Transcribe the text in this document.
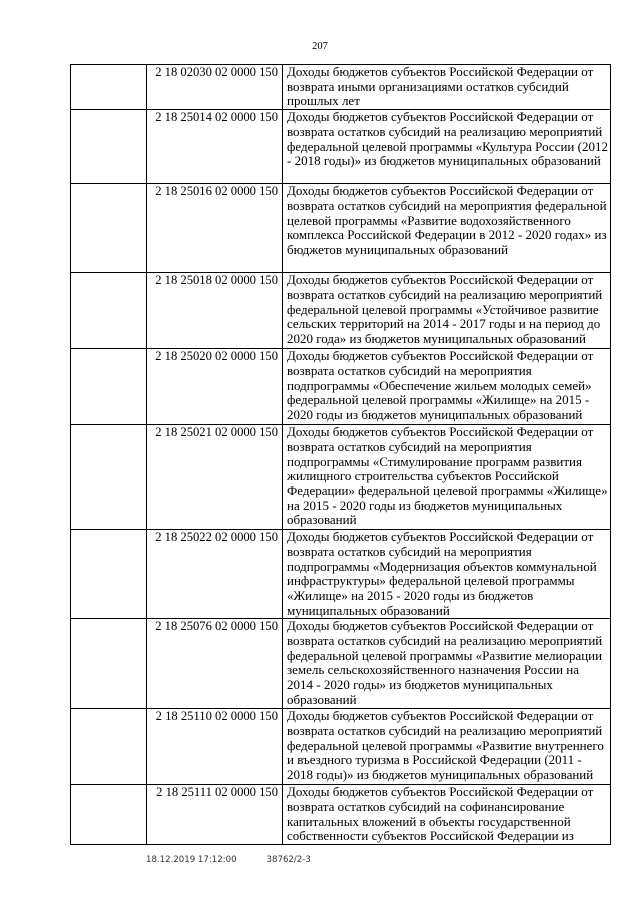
207
	2 18 02030 02 0000 150	Доходы бюджетов субъектов Российской Федерации от возврата иными организациями остатков субсидий прошлых лет
	2 18 25014 02 0000 150	Доходы бюджетов субъектов Российской Федерации от возврата остатков субсидий на реализацию мероприятий федеральной целевой программы «Культура России (2012 - 2018 годы)» из бюджетов муниципальных образований
	2 18 25016 02 0000 150	Доходы бюджетов субъектов Российской Федерации от возврата остатков субсидий на мероприятия федеральной целевой программы «Развитие водохозяйственного комплекса Российской Федерации в 2012 - 2020 годах» из бюджетов муниципальных образований
	2 18 25018 02 0000 150	Доходы бюджетов субъектов Российской Федерации от возврата остатков субсидий на реализацию мероприятий федеральной целевой программы «Устойчивое развитие сельских территорий на 2014 - 2017 годы и на период до 2020 года» из бюджетов муниципальных образований
	2 18 25020 02 0000 150	Доходы бюджетов субъектов Российской Федерации от возврата остатков субсидий на мероприятия подпрограммы «Обеспечение жильем молодых семей» федеральной целевой программы «Жилище» на 2015 - 2020 годы из бюджетов муниципальных образований
	2 18 25021 02 0000 150	Доходы бюджетов субъектов Российской Федерации от возврата остатков субсидий на мероприятия подпрограммы «Стимулирование программ развития жилищного строительства субъектов Российской Федерации» федеральной целевой программы «Жилище» на 2015 - 2020 годы из бюджетов муниципальных образований
	2 18 25022 02 0000 150	Доходы бюджетов субъектов Российской Федерации от возврата остатков субсидий на мероприятия подпрограммы «Модернизация объектов коммунальной инфраструктуры» федеральной целевой программы «Жилище» на 2015 - 2020 годы из бюджетов муниципальных образований
	2 18 25076 02 0000 150	Доходы бюджетов субъектов Российской Федерации от возврата остатков субсидий на реализацию мероприятий федеральной целевой программы «Развитие мелиорации земель сельскохозяйственного назначения России на 2014 - 2020 годы» из бюджетов муниципальных образований
	2 18 25110 02 0000 150	Доходы бюджетов субъектов Российской Федерации от возврата остатков субсидий на реализацию мероприятий федеральной целевой программы «Развитие внутреннего и въездного туризма в Российской Федерации (2011 - 2018 годы)» из бюджетов муниципальных образований
	2 18 25111 02 0000 150	Доходы бюджетов субъектов Российской Федерации от возврата остатков субсидий на софинансирование капитальных вложений в объекты государственной собственности субъектов Российской Федерации из
18.12.2019 17:12:00	38762/2-3
